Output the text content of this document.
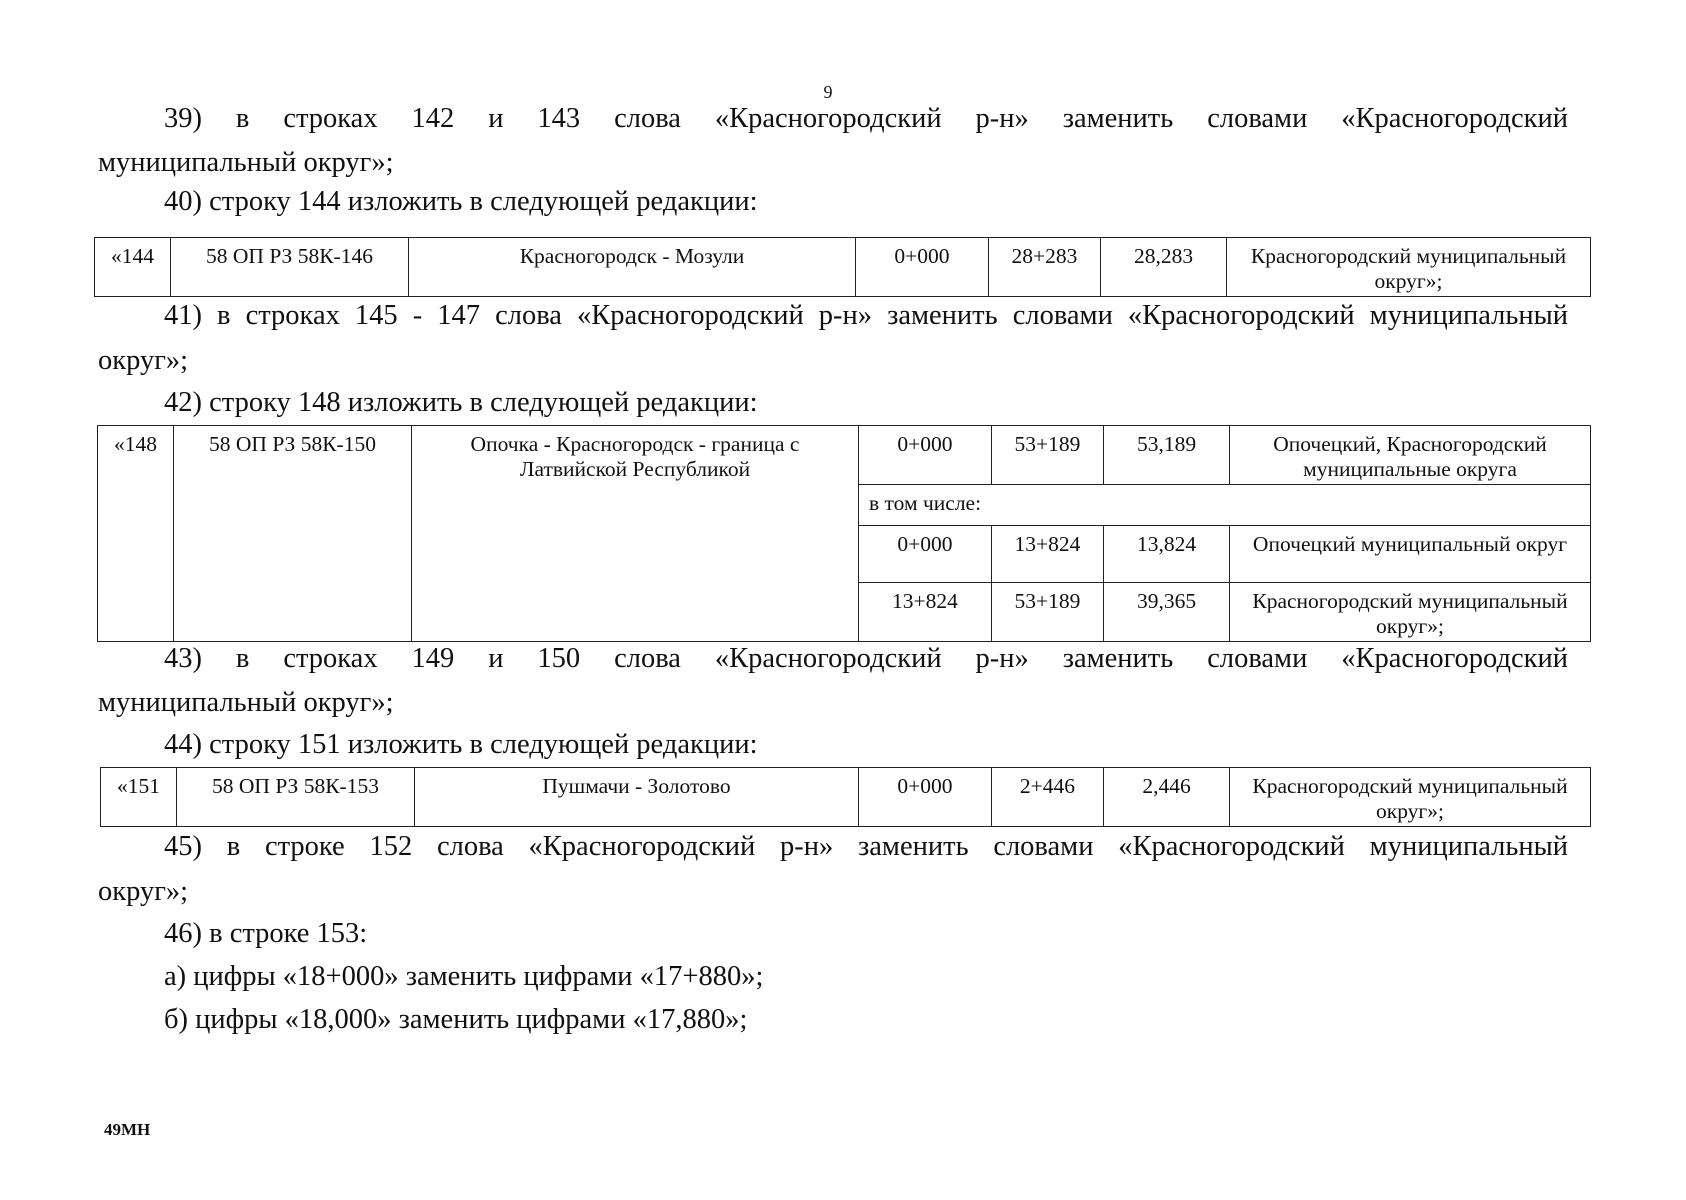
9

39) в строках 142 и 143 слова «Красногородский р-н» заменить словами «Красногородский

муниципальный округ»;

40) строку 144 изложить в следующей редакции:

«144	58 ОП РЗ 58К-146	Красногородск - Мозули	0+000	28+283	28,283	Красногородский муниципальный округ»;

41) в строках 145 - 147 слова «Красногородский р-н» заменить словами «Красногородский муниципальный

округ»;

42) строку 148 изложить в следующей редакции:

«148	58 ОП РЗ 58К-150	Опочка - Красногородск - граница с Латвийской Республикой	0+000	53+189	53,189	Опочецкий, Красногородский муниципальные округа
			в том числе:			
			0+000	13+824	13,824	Опочецкий муниципальный округ
			13+824	53+189	39,365	Красногородский муниципальный округ»;

43) в строках 149 и 150 слова «Красногородский р-н» заменить словами «Красногородский

муниципальный округ»;

44) строку 151 изложить в следующей редакции:

«151	58 ОП РЗ 58К-153	Пушмачи - Золотово	0+000	2+446	2,446	Красногородский муниципальный округ»;

45) в строке 152 слова «Красногородский р-н» заменить словами «Красногородский муниципальный

округ»;

46) в строке 153:

а) цифры «18+000» заменить цифрами «17+880»;

б) цифры «18,000» заменить цифрами «17,880»;

49МН
